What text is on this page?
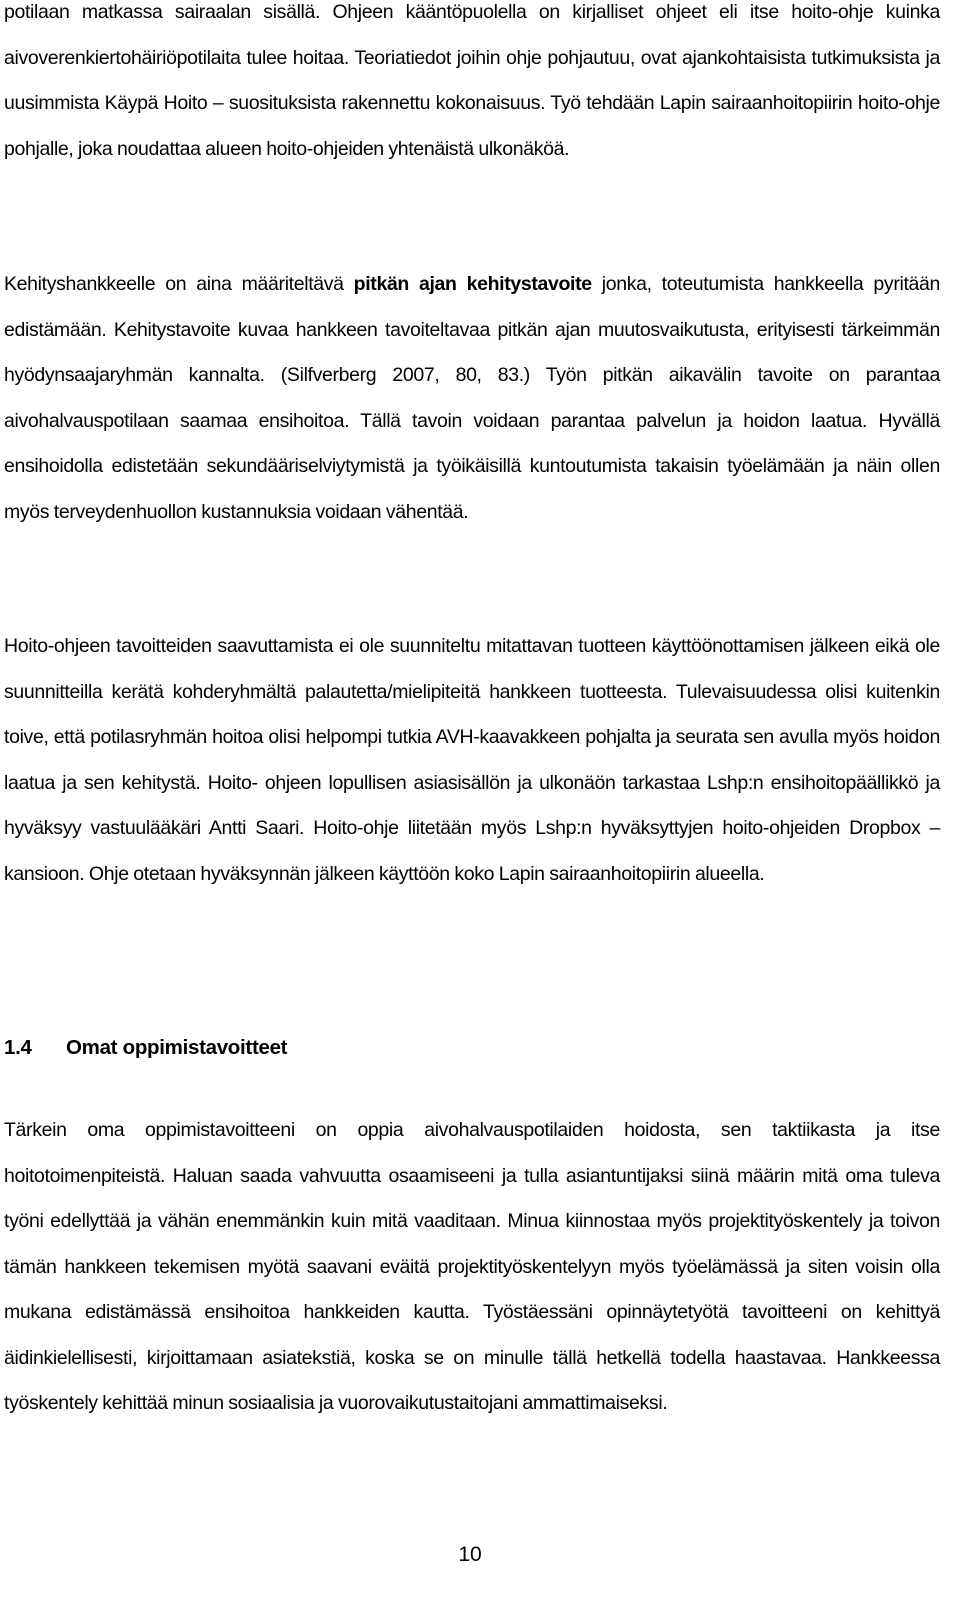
potilaan matkassa sairaalan sisällä. Ohjeen kääntöpuolella on kirjalliset ohjeet eli itse hoito-ohje kuinka aivoverenkiertohäiriöpotilaita tulee hoitaa. Teoriatiedot joihin ohje pohjautuu, ovat ajankohtaisista tutkimuksista ja uusimmista Käypä Hoito – suosituksista rakennettu kokonaisuus. Työ tehdään Lapin sairaanhoitopiirin hoito-ohje pohjalle, joka noudattaa alueen hoito-ohjeiden yhtenäistä ulkonäköä.

Kehityshankkeelle on aina määriteltävä pitkän ajan kehitystavoite jonka, toteutumista hankkeella pyritään edistämään. Kehitystavoite kuvaa hankkeen tavoiteltavaa pitkän ajan muutosvaikutusta, erityisesti tärkeimmän hyödynsaajaryhmän kannalta. (Silfverberg 2007, 80, 83.) Työn pitkän aikavälin tavoite on parantaa aivohalvauspotilaan saamaa ensihoitoa. Tällä tavoin voidaan parantaa palvelun ja hoidon laatua. Hyvällä ensihoidolla edistetään sekundääriselviytymistä ja työikäisillä kuntoutumista takaisin työelämään ja näin ollen myös terveydenhuollon kustannuksia voidaan vähentää.

Hoito-ohjeen tavoitteiden saavuttamista ei ole suunniteltu mitattavan tuotteen käyttöönottamisen jälkeen eikä ole suunnitteilla kerätä kohderyhmältä palautetta/mielipiteitä hankkeen tuotteesta. Tulevaisuudessa olisi kuitenkin toive, että potilasryhmän hoitoa olisi helpompi tutkia AVH-kaavakkeen pohjalta ja seurata sen avulla myös hoidon laatua ja sen kehitystä. Hoito- ohjeen lopullisen asiasisällön ja ulkonäön tarkastaa Lshp:n ensihoitopäällikkö ja hyväksyy vastuulääkäri Antti Saari. Hoito-ohje liitetään myös Lshp:n hyväksyttyjen hoito-ohjeiden Dropbox – kansioon. Ohje otetaan hyväksynnän jälkeen käyttöön koko Lapin sairaanhoitopiirin alueella.

1.4 Omat oppimistavoitteet

Tärkein oma oppimistavoitteeni on oppia aivohalvauspotilaiden hoidosta, sen taktiikasta ja itse hoitotoimenpiteistä. Haluan saada vahvuutta osaamiseeni ja tulla asiantuntijaksi siinä määrin mitä oma tuleva työni edellyttää ja vähän enemmänkin kuin mitä vaaditaan. Minua kiinnostaa myös projektityöskentely ja toivon tämän hankkeen tekemisen myötä saavani eväitä projektityöskentelyyn myös työelämässä ja siten voisin olla mukana edistämässä ensihoitoa hankkeiden kautta. Työstäessäni opinnäytetyötä tavoitteeni on kehittyä äidinkielellisesti, kirjoittamaan asiatekstiä, koska se on minulle tällä hetkellä todella haastavaa. Hankkeessa työskentely kehittää minun sosiaalisia ja vuorovaikutustaitojani ammattimaiseksi.

10
